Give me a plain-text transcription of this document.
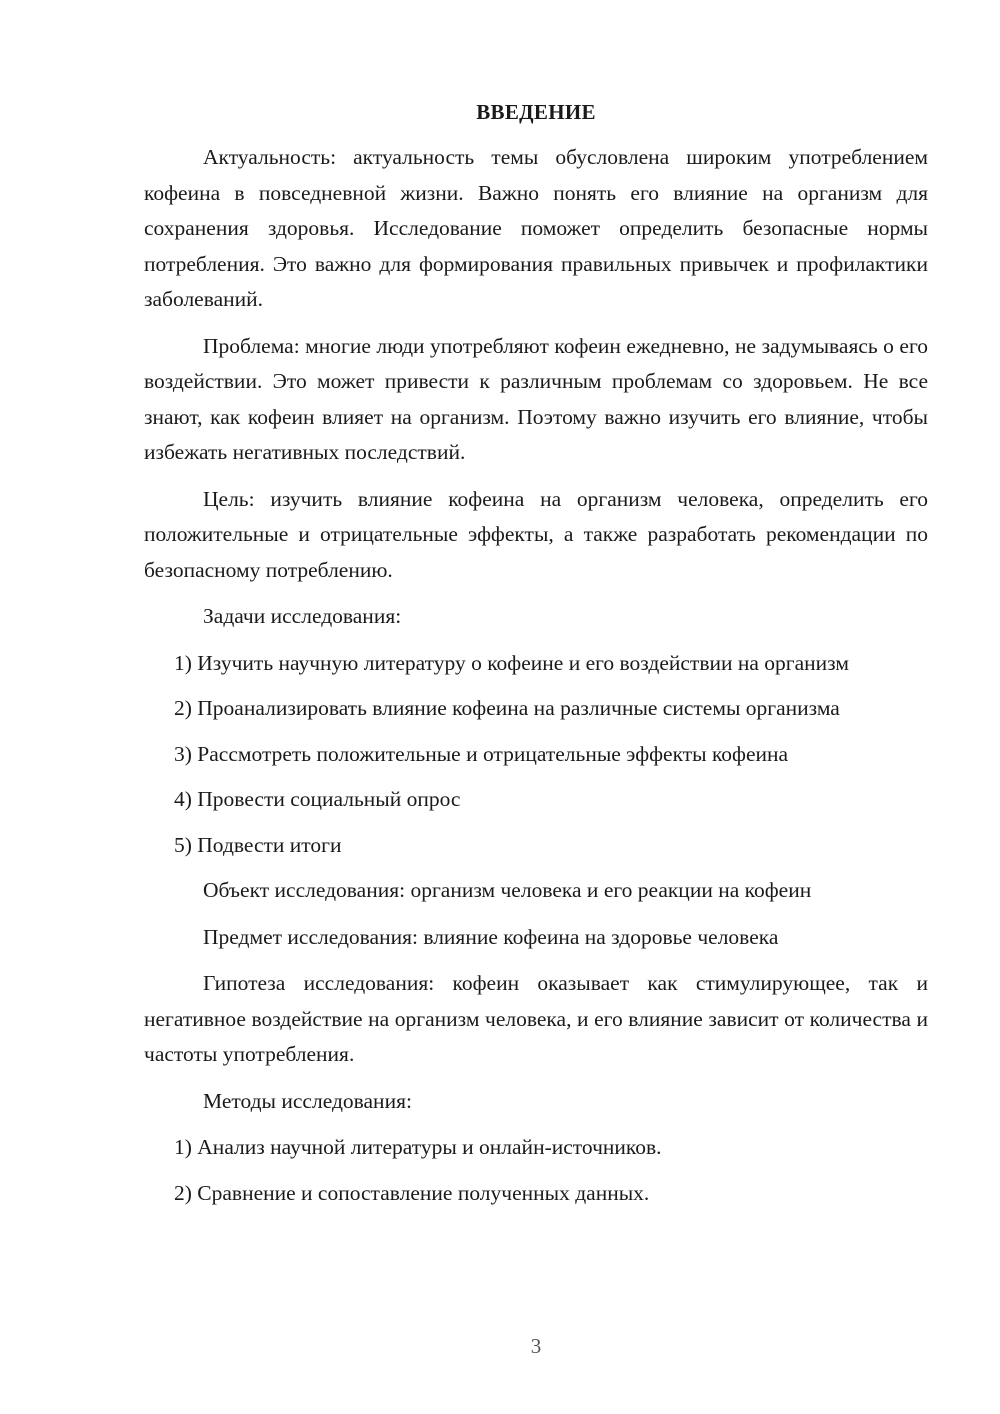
ВВЕДЕНИЕ

Актуальность: актуальность темы обусловлена широким употреблением кофеина в повседневной жизни. Важно понять его влияние на организм для сохранения здоровья. Исследование поможет определить безопасные нормы потребления. Это важно для формирования правильных привычек и профилактики заболеваний.

Проблема: многие люди употребляют кофеин ежедневно, не задумываясь о его воздействии. Это может привести к различным проблемам со здоровьем. Не все знают, как кофеин влияет на организм. Поэтому важно изучить его влияние, чтобы избежать негативных последствий.

Цель: изучить влияние кофеина на организм человека, определить его положительные и отрицательные эффекты, а также разработать рекомендации по безопасному потреблению.

Задачи исследования:

1) Изучить научную литературу о кофеине и его воздействии на организм

2) Проанализировать влияние кофеина на различные системы организма

3) Рассмотреть положительные и отрицательные эффекты кофеина

4) Провести социальный опрос

5) Подвести итоги

Объект исследования: организм человека и его реакции на кофеин

Предмет исследования: влияние кофеина на здоровье человека

Гипотеза исследования: кофеин оказывает как стимулирующее, так и негативное воздействие на организм человека, и его влияние зависит от количества и частоты употребления.

Методы исследования:

1) Анализ научной литературы и онлайн-источников.

2) Сравнение и сопоставление полученных данных.

3
